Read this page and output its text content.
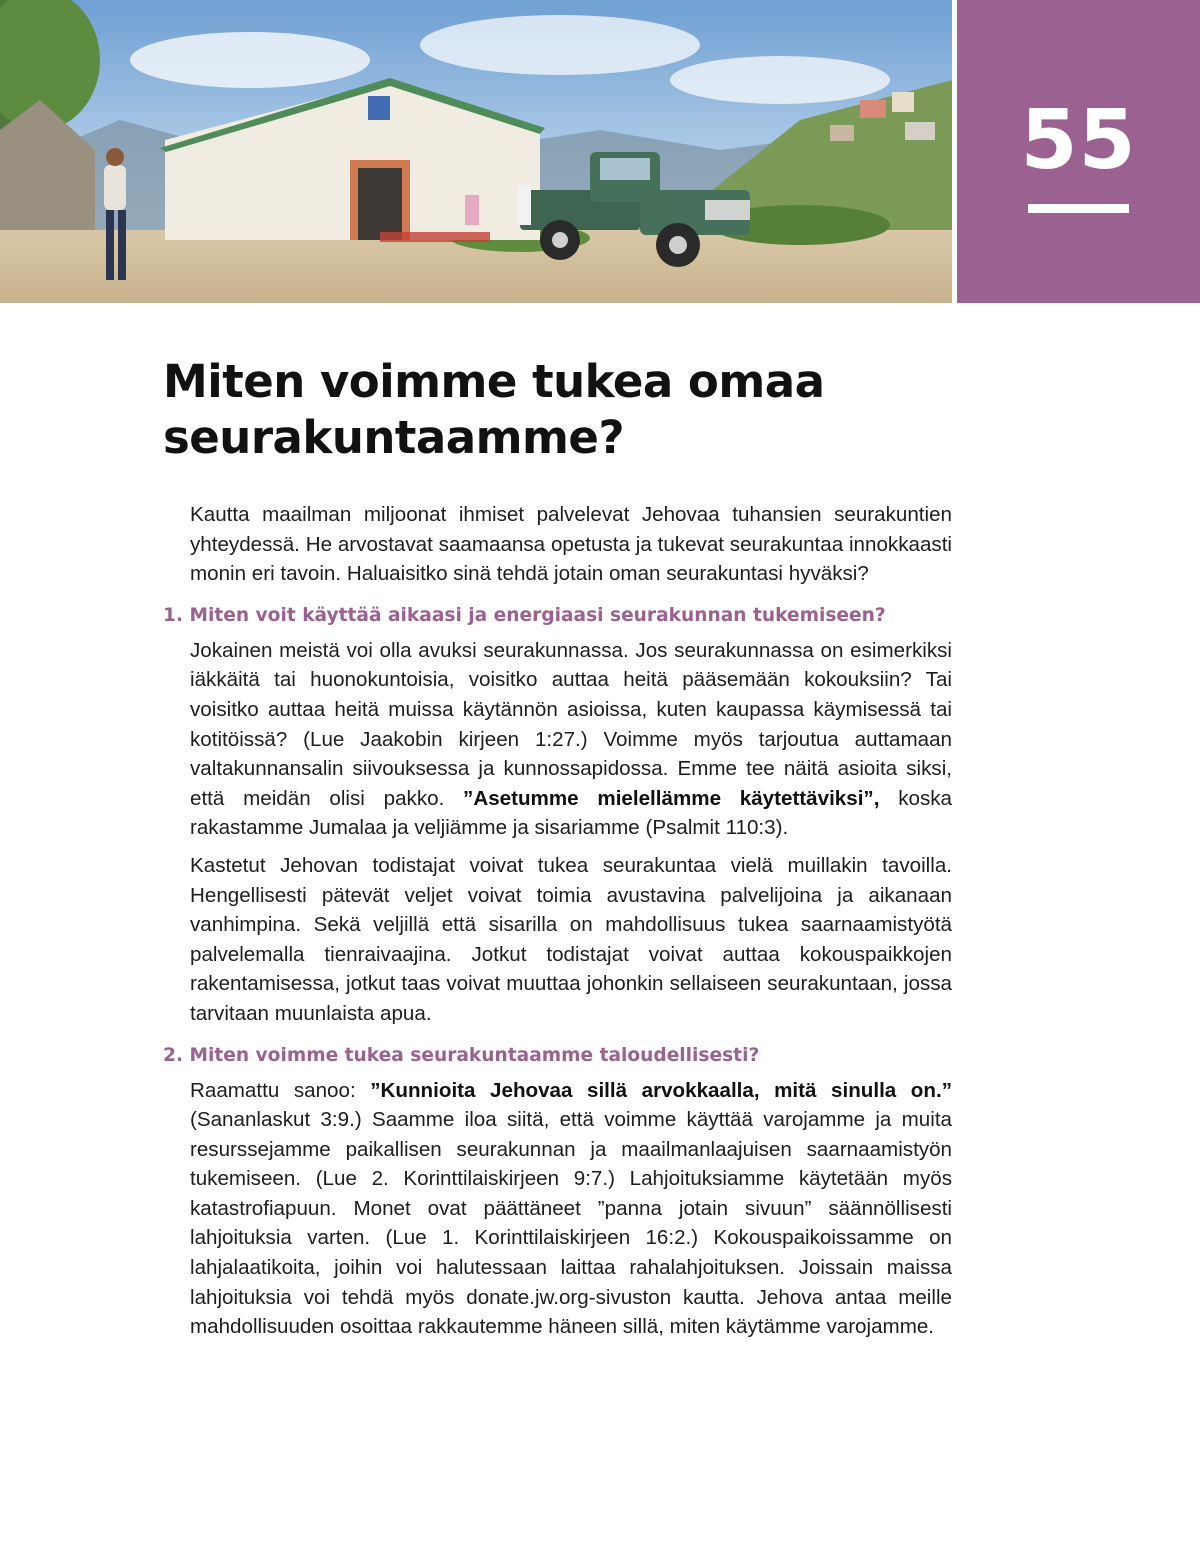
55
Miten voimme tukea omaa seurakuntaamme?

Kautta maailman miljoonat ihmiset palvelevat Jehovaa tuhansien seurakuntien yhteydessä. He arvostavat saamaansa opetusta ja tukevat seurakuntaa innokkaasti monin eri tavoin. Haluaisitko sinä tehdä jotain oman seurakuntasi hyväksi?

1. Miten voit käyttää aikaasi ja energiaasi seurakunnan tukemiseen?

Jokainen meistä voi olla avuksi seurakunnassa. Jos seurakunnassa on esimerkiksi iäkkäitä tai huonokuntoisia, voisitko auttaa heitä pääsemään kokouksiin? Tai voisitko auttaa heitä muissa käytännön asioissa, kuten kaupassa käymisessä tai kotitöissä? (Lue Jaakobin kirjeen 1:27.) Voimme myös tarjoutua auttamaan valtakunnansalin siivouksessa ja kunnossapidossa. Emme tee näitä asioita siksi, että meidän olisi pakko. ”Asetumme mielellämme käytettäviksi”, koska rakastamme Jumalaa ja veljiämme ja sisariamme (Psalmit 110:3).

Kastetut Jehovan todistajat voivat tukea seurakuntaa vielä muillakin tavoilla. Hengellisesti pätevät veljet voivat toimia avustavina palvelijoina ja aikanaan vanhimpina. Sekä veljillä että sisarilla on mahdollisuus tukea saarnaamistyötä palvelemalla tienraivaajina. Jotkut todistajat voivat auttaa kokouspaikkojen rakentamisessa, jotkut taas voivat muuttaa johonkin sellaiseen seurakuntaan, jossa tarvitaan muunlaista apua.

2. Miten voimme tukea seurakuntaamme taloudellisesti?

Raamattu sanoo: ”Kunnioita Jehovaa sillä arvokkaalla, mitä sinulla on.” (Sananlaskut 3:9.) Saamme iloa siitä, että voimme käyttää varojamme ja muita resurssejamme paikallisen seurakunnan ja maailmanlaajuisen saarnaamistyön tukemiseen. (Lue 2. Korinttilaiskirjeen 9:7.) Lahjoituksiamme käytetään myös katastrofiapuun. Monet ovat päättäneet ”panna jotain sivuun” säännöllisesti lahjoituksia varten. (Lue 1. Korinttilaiskirjeen 16:2.) Kokouspaikoissamme on lahjalaatikoita, joihin voi halutessaan laittaa rahalahjoituksen. Joissain maissa lahjoituksia voi tehdä myös donate.jw.org-sivuston kautta. Jehova antaa meille mahdollisuuden osoittaa rakkautemme häneen sillä, miten käytämme varojamme.
